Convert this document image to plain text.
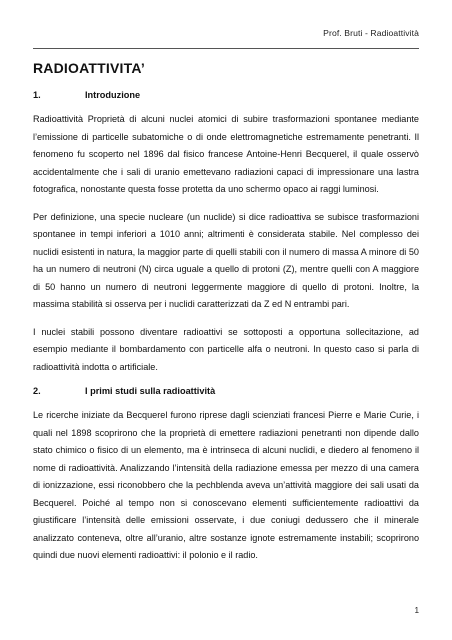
Prof. Bruti - Radioattività
RADIOATTIVITA’
1.	Introduzione

Radioattività Proprietà di alcuni nuclei atomici di subire trasformazioni spontanee mediante l’emissione di particelle subatomiche o di onde elettromagnetiche estremamente penetranti. Il fenomeno fu scoperto nel 1896 dal fisico francese Antoine-Henri Becquerel, il quale osservò accidentalmente che i sali di uranio emettevano radiazioni capaci di impressionare una lastra fotografica, nonostante questa fosse protetta da uno schermo opaco ai raggi luminosi.

Per definizione, una specie nucleare (un nuclide) si dice radioattiva se subisce trasformazioni spontanee in tempi inferiori a 1010 anni; altrimenti è considerata stabile. Nel complesso dei nuclidi esistenti in natura, la maggior parte di quelli stabili con il numero di massa A minore di 50 ha un numero di neutroni (N) circa uguale a quello di protoni (Z), mentre quelli con A maggiore di 50 hanno un numero di neutroni leggermente maggiore di quello di protoni. Inoltre, la massima stabilità si osserva per i nuclidi caratterizzati da Z ed N entrambi pari.

I nuclei stabili possono diventare radioattivi se sottoposti a opportuna sollecitazione, ad esempio mediante il bombardamento con particelle alfa o neutroni. In questo caso si parla di radioattività indotta o artificiale.

2.	I primi studi sulla radioattività

Le ricerche iniziate da Becquerel furono riprese dagli scienziati francesi Pierre e Marie Curie, i quali nel 1898 scoprirono che la proprietà di emettere radiazioni penetranti non dipende dallo stato chimico o fisico di un elemento, ma è intrinseca di alcuni nuclidi, e diedero al fenomeno il nome di radioattività. Analizzando l’intensità della radiazione emessa per mezzo di una camera di ionizzazione, essi riconobbero che la pechblenda aveva un’attività maggiore dei sali usati da Becquerel. Poiché al tempo non si conoscevano elementi sufficientemente radioattivi da giustificare l’intensità delle emissioni osservate, i due coniugi dedussero che il minerale analizzato conteneva, oltre all’uranio, altre sostanze ignote estremamente instabili; scoprirono quindi due nuovi elementi radioattivi: il polonio e il radio.

1
